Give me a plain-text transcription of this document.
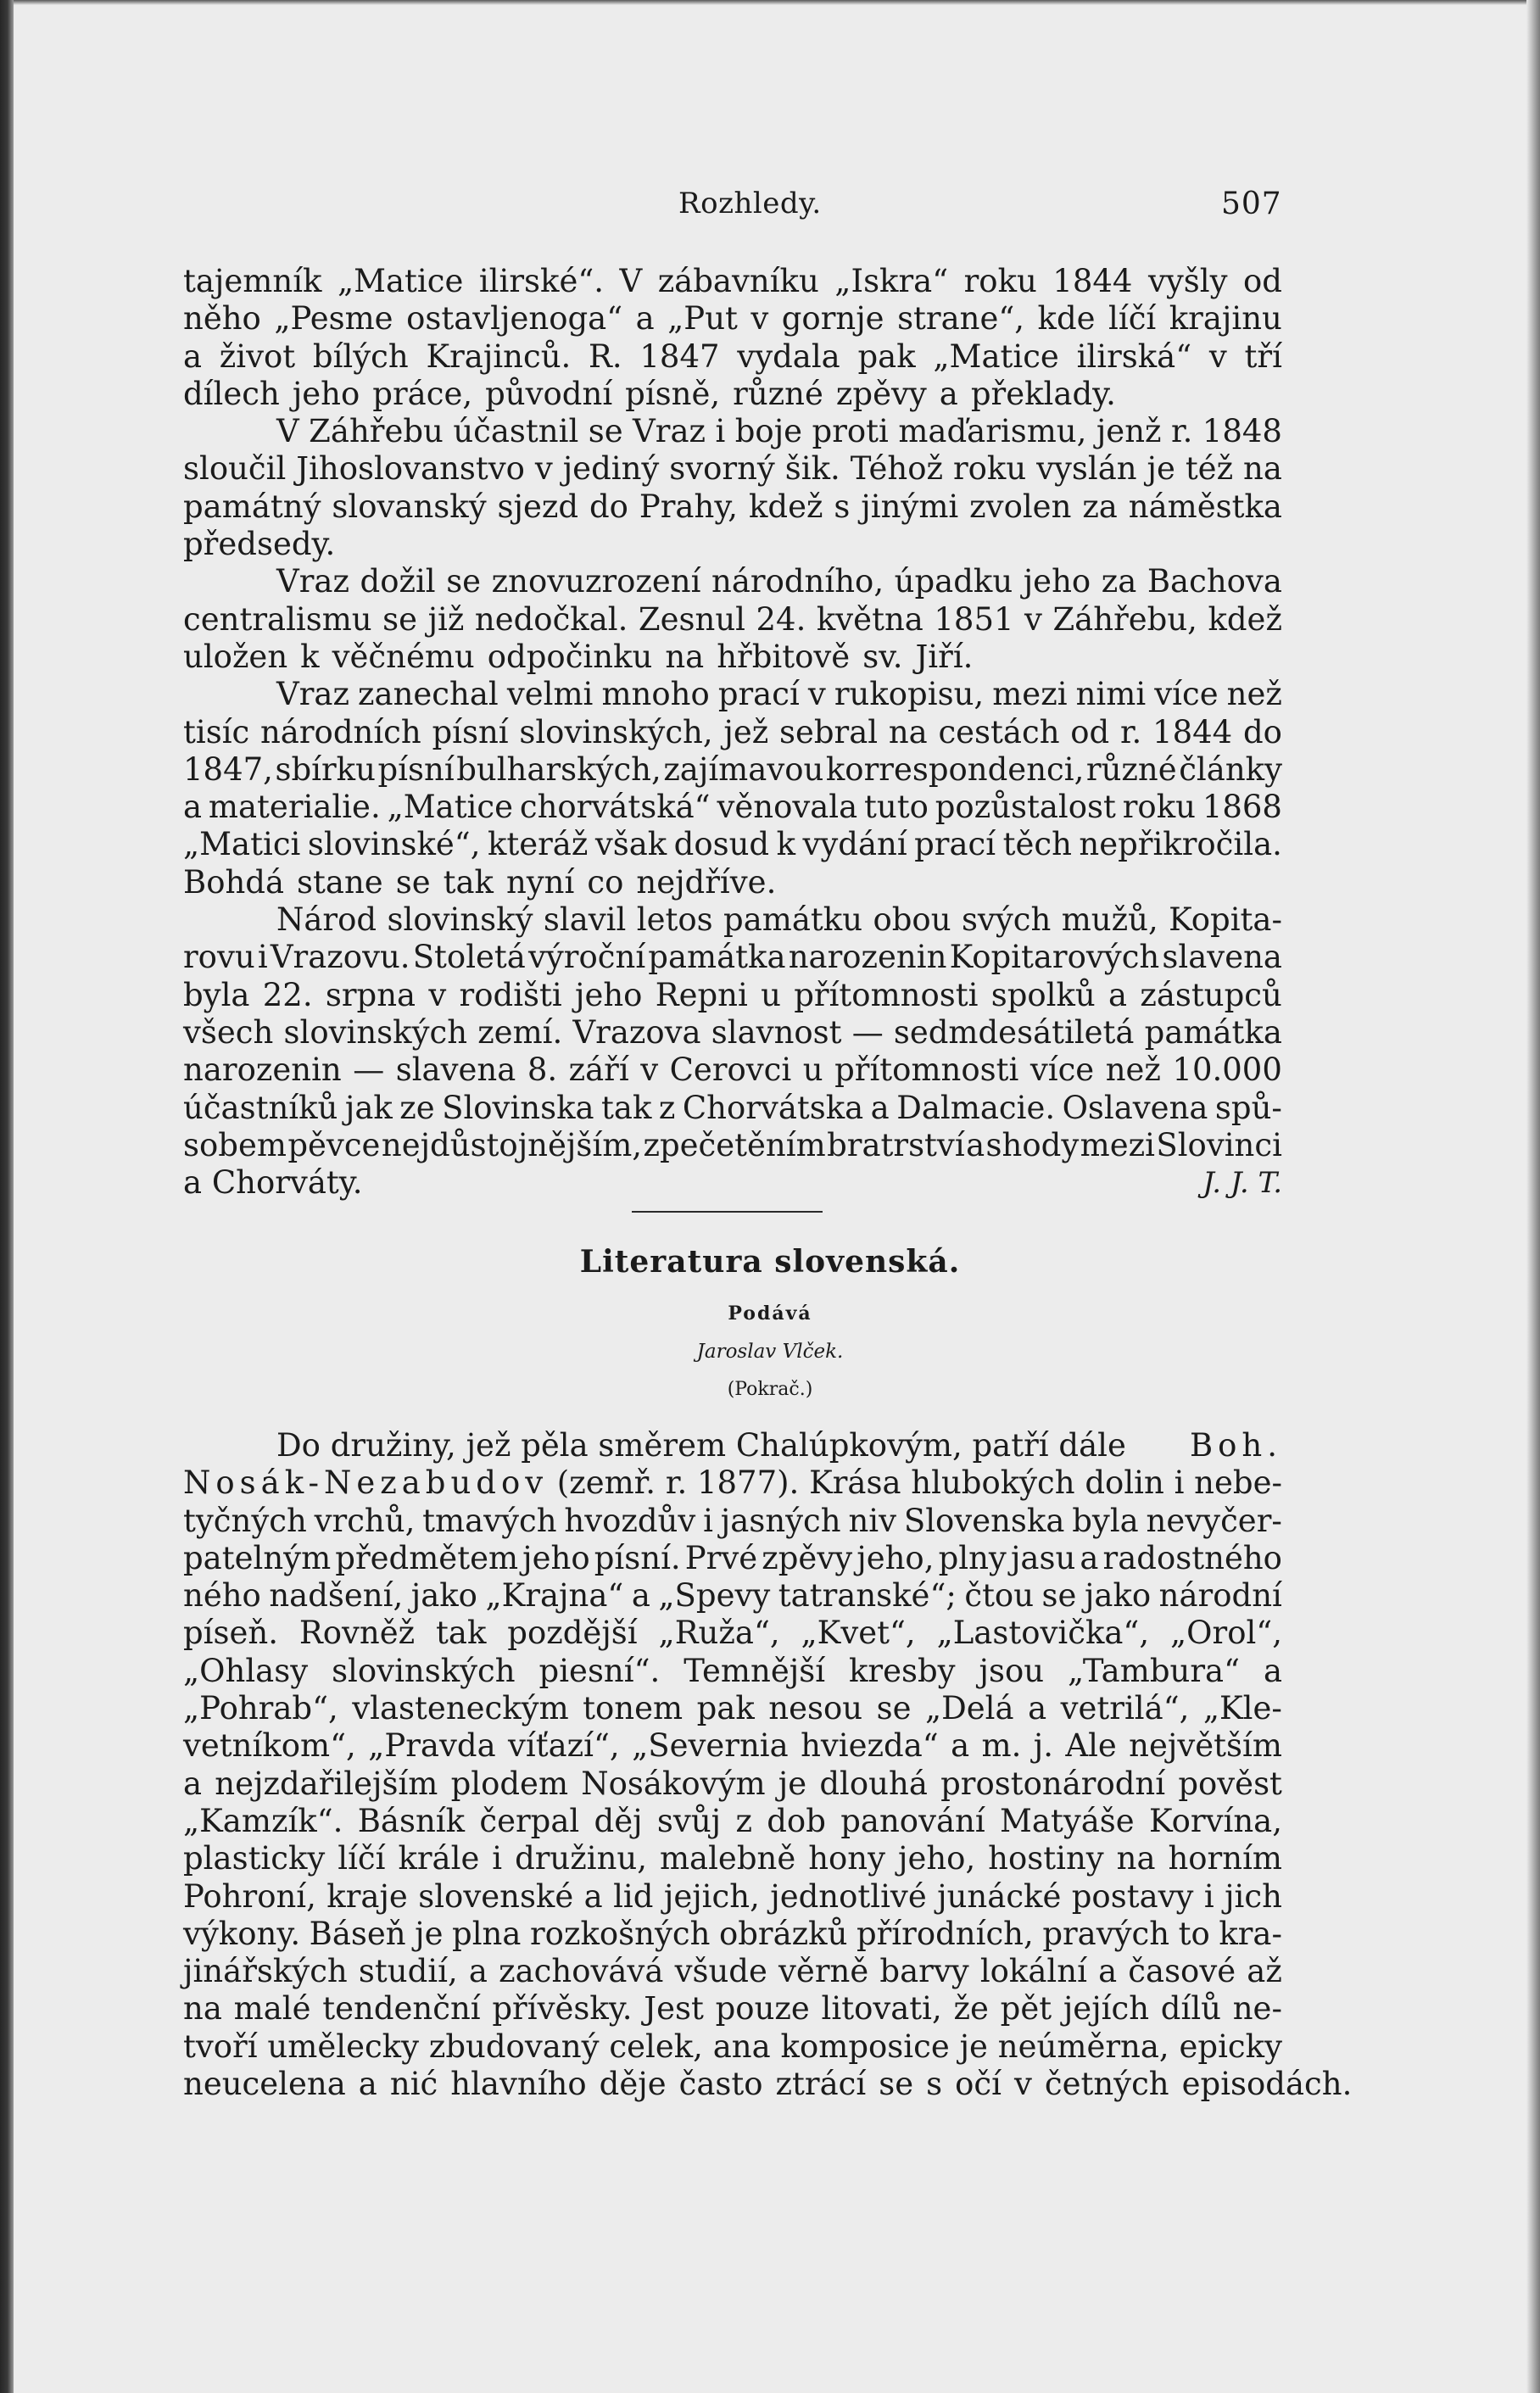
Rozhledy.	507
tajemník „Matice ilirské“. V zábavníku „Iskra“ roku 1844 vyšly od
něho „Pesme ostavljenoga“ a „Put v gornje strane“, kde líčí krajinu
a život bílých Krajinců. R. 1847 vydala pak „Matice ilirská“ v tří
dílech jeho práce, původní písně, různé zpěvy a překlady.
V Záhřebu účastnil se Vraz i boje proti maďarismu, jenž r. 1848
sloučil Jihoslovanstvo v jediný svorný šik. Téhož roku vyslán je též na
památný slovanský sjezd do Prahy, kdež s jinými zvolen za náměstka
předsedy.
Vraz dožil se znovuzrození národního, úpadku jeho za Bachova
centralismu se již nedočkal. Zesnul 24. května 1851 v Záhřebu, kdež
uložen k věčnému odpočinku na hřbitově sv. Jiří.
Vraz zanechal velmi mnoho prací v rukopisu, mezi nimi více než
tisíc národních písní slovinských, jež sebral na cestách od r. 1844 do
1847, sbírku písní bulharských, zajímavou korrespondenci, různé články
a materialie. „Matice chorvátská“ věnovala tuto pozůstalost roku 1868
„Matici slovinské“, kteráž však dosud k vydání prací těch nepřikročila.
Bohdá stane se tak nyní co nejdříve.
Národ slovinský slavil letos památku obou svých mužů, Kopita-
rovu i Vrazovu. Stoletá výroční památka narozenin Kopitarových slavena
byla 22. srpna v rodišti jeho Repni u přítomnosti spolků a zástupců
všech slovinských zemí. Vrazova slavnost — sedmdesátiletá památka
narozenin — slavena 8. září v Cerovci u přítomnosti více než 10.000
účastníků jak ze Slovinska tak z Chorvátska a Dalmacie. Oslavena spů-
sobem pěvce nejdůstojnějším, zpečetěním bratrství a shody mezi Slovinci
a Chorváty.	J. J. T.
Literatura slovenská.
Podává
Jaroslav Vlček.
(Pokrač.)
Do družiny, jež pěla směrem Chalúpkovým, patří dále Boh.
Nosák-Nezabudov (zemř. r. 1877). Krása hlubokých dolin i nebe-
tyčných vrchů, tmavých hvozdův i jasných niv Slovenska byla nevyčer-
patelným předmětem jeho písní. Prvé zpěvy jeho, plny jasu a radostného
ného nadšení, jako „Krajna“ a „Spevy tatranské“; čtou se jako národní
píseň. Rovněž tak pozdější „Ruža“, „Kvet“, „Lastovička“, „Orol“,
„Ohlasy slovinských piesní“. Temnější kresby jsou „Tambura“ a
„Pohrab“, vlasteneckým tonem pak nesou se „Delá a vetrilá“, „Kle-
vetníkom“, „Pravda víťazí“, „Severnia hviezda“ a m. j. Ale největším
a nejzdařilejším plodem Nosákovým je dlouhá prostonárodní pověst
„Kamzík“. Básník čerpal děj svůj z dob panování Matyáše Korvína,
plasticky líčí krále i družinu, malebně hony jeho, hostiny na horním
Pohroní, kraje slovenské a lid jejich, jednotlivé junácké postavy i jich
výkony. Báseň je plna rozkošných obrázků přírodních, pravých to kra-
jinářských studií, a zachovává všude věrně barvy lokální a časové až
na malé tendenční přívěsky. Jest pouze litovati, že pět jejích dílů ne-
tvoří umělecky zbudovaný celek, ana komposice je neúměrna, epicky
neucelena a nić hlavního děje často ztrácí se s očí v četných episodách.
